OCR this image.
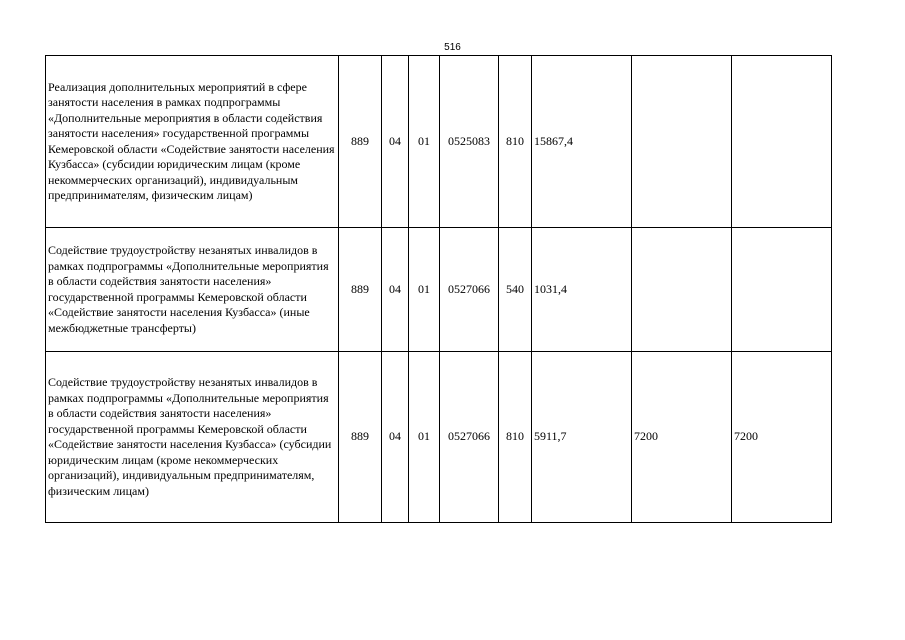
516
Реализация дополнительных мероприятий в сфере занятости населения в рамках подпрограммы «Дополнительные мероприятия в области содействия занятости населения» государственной программы Кемеровской области «Содействие занятости населения Кузбасса» (субсидии юридическим лицам (кроме некоммерческих организаций), индивидуальным предпринимателям, физическим лицам)	889	04	01	0525083	810	15867,4		
Содействие трудоустройству незанятых инвалидов в рамках подпрограммы «Дополнительные мероприятия в области содействия занятости населения» государственной программы Кемеровской области «Содействие занятости населения Кузбасса» (иные межбюджетные трансферты)	889	04	01	0527066	540	1031,4		
Содействие трудоустройству незанятых инвалидов в рамках подпрограммы «Дополнительные мероприятия в области содействия занятости населения» государственной программы Кемеровской области «Содействие занятости населения Кузбасса» (субсидии юридическим лицам (кроме некоммерческих организаций), индивидуальным предпринимателям, физическим лицам)	889	04	01	0527066	810	5911,7	7200	7200
